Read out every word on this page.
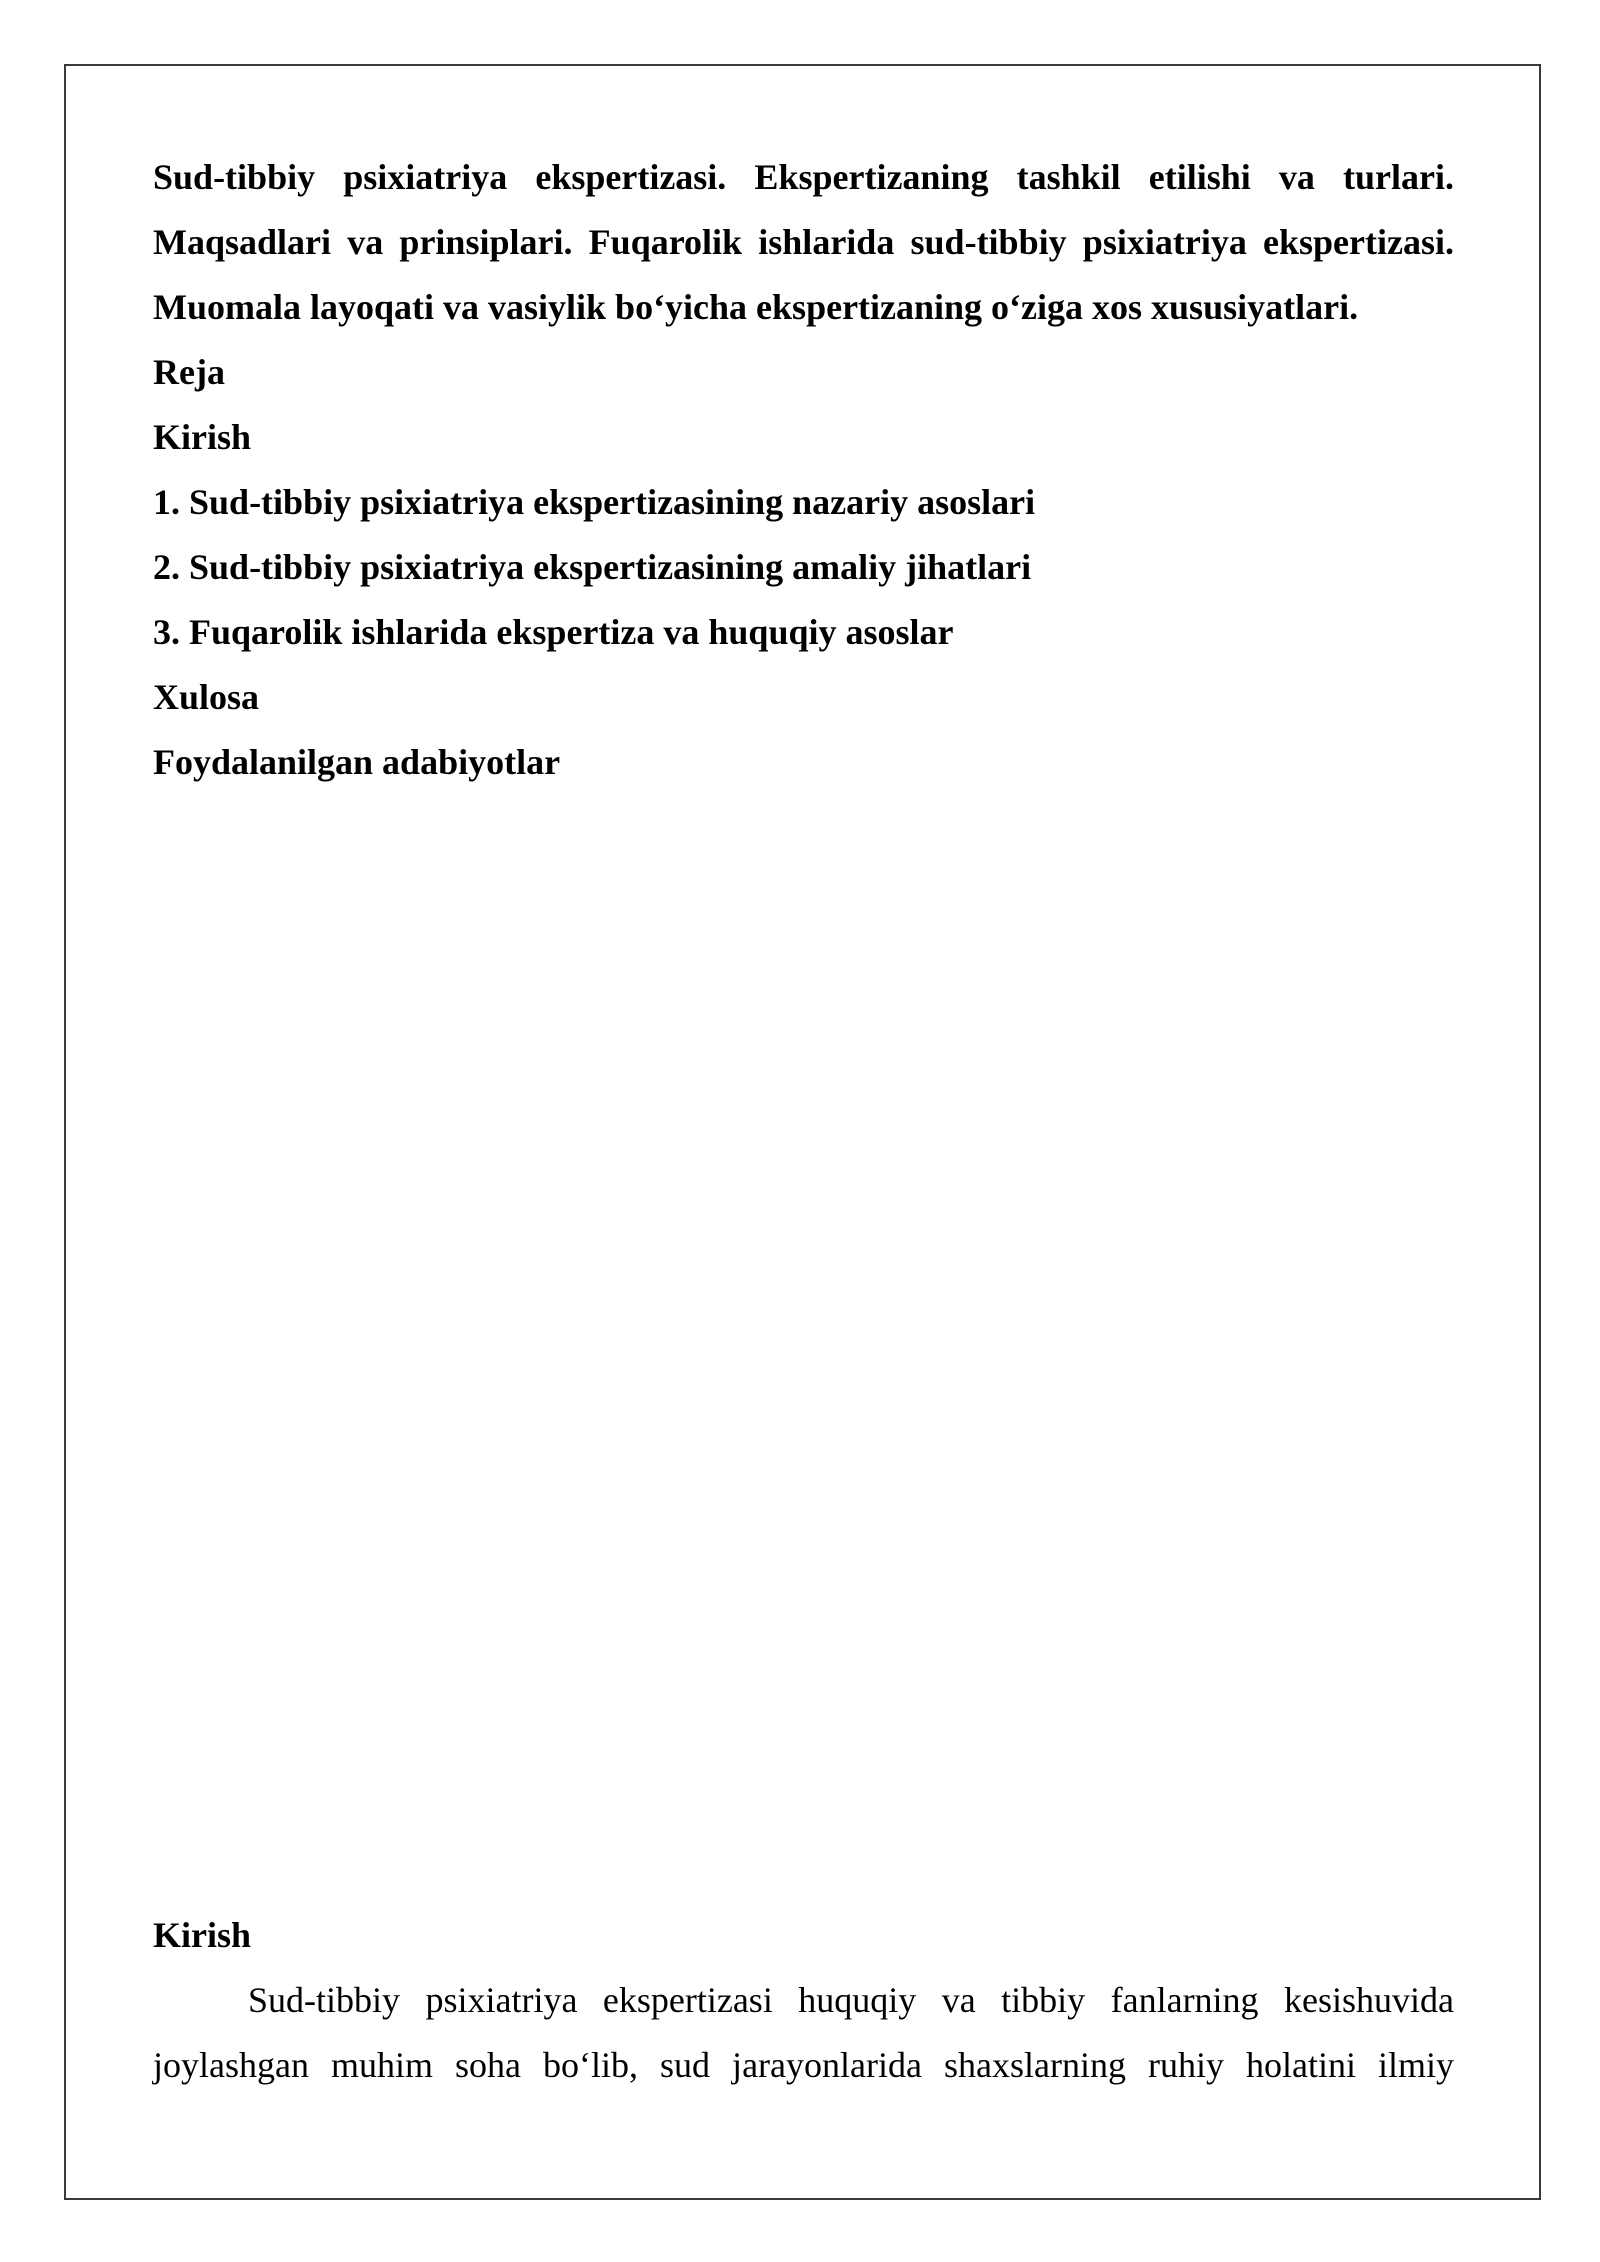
Sud-tibbiy psixiatriya ekspertizasi. Ekspertizaning tashkil etilishi va turlari.
Maqsadlari va prinsiplari. Fuqarolik ishlarida sud-tibbiy psixiatriya ekspertizasi.
Muomala layoqati va vasiylik bo‘yicha ekspertizaning o‘ziga xos xususiyatlari.

Reja
Kirish
1. Sud-tibbiy psixiatriya ekspertizasining nazariy asoslari
2. Sud-tibbiy psixiatriya ekspertizasining amaliy jihatlari
3. Fuqarolik ishlarida ekspertiza va huquqiy asoslar
Xulosa
Foydalanilgan adabiyotlar
Kirish

Sud-tibbiy psixiatriya ekspertizasi huquqiy va tibbiy fanlarning kesishuvida
joylashgan muhim soha bo‘lib, sud jarayonlarida shaxslarning ruhiy holatini ilmiy
